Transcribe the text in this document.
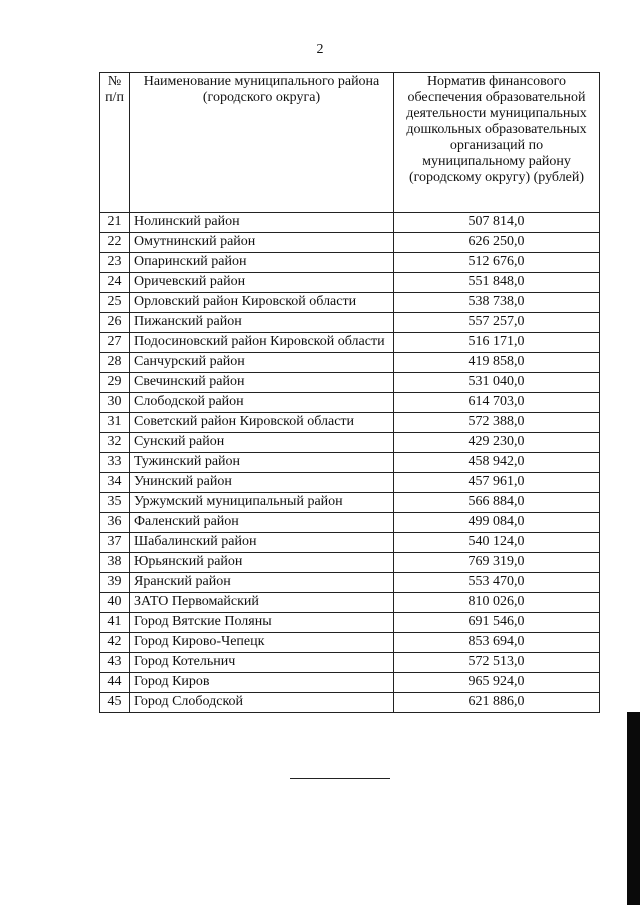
2
№ п/п	Наименование муниципального района (городского округа)	Норматив финансового обеспечения образовательной деятельности муниципальных дошкольных образовательных организаций по муниципальному району (городскому округу) (рублей)
21	Нолинский район	507 814,0
22	Омутнинский район	626 250,0
23	Опаринский район	512 676,0
24	Оричевский район	551 848,0
25	Орловский район Кировской области	538 738,0
26	Пижанский район	557 257,0
27	Подосиновский район Кировской области	516 171,0
28	Санчурский район	419 858,0
29	Свечинский район	531 040,0
30	Слободской район	614 703,0
31	Советский район Кировской области	572 388,0
32	Сунский район	429 230,0
33	Тужинский район	458 942,0
34	Унинский район	457 961,0
35	Уржумский муниципальный район	566 884,0
36	Фаленский район	499 084,0
37	Шабалинский район	540 124,0
38	Юрьянский район	769 319,0
39	Яранский район	553 470,0
40	ЗАТО Первомайский	810 026,0
41	Город Вятские Поляны	691 546,0
42	Город Кирово-Чепецк	853 694,0
43	Город Котельнич	572 513,0
44	Город Киров	965 924,0
45	Город Слободской	621 886,0
